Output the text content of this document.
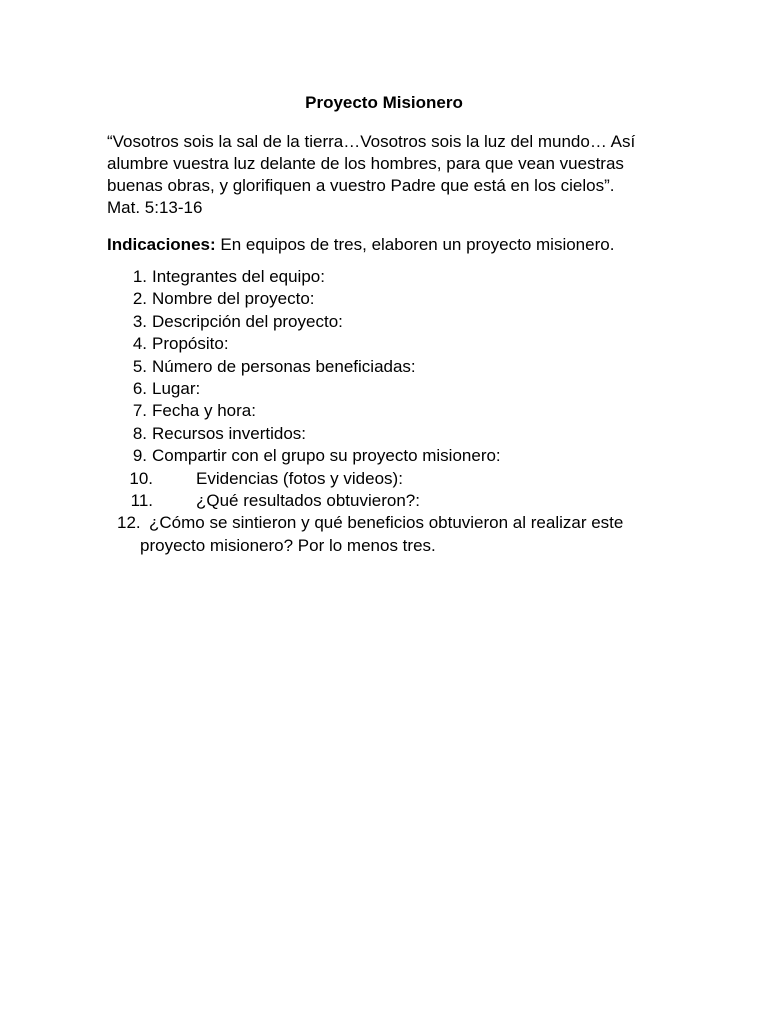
Proyecto Misionero
“Vosotros sois la sal de la tierra…Vosotros sois la luz del mundo… Así
alumbre vuestra luz delante de los hombres, para que vean vuestras
buenas obras, y glorifiquen a vuestro Padre que está en los cielos”.
Mat. 5:13-16
Indicaciones: En equipos de tres, elaboren un proyecto misionero.
1. Integrantes del equipo:
2. Nombre del proyecto:
3. Descripción del proyecto:
4. Propósito:
5. Número de personas beneficiadas:
6. Lugar:
7. Fecha y hora:
8. Recursos invertidos:
9. Compartir con el grupo su proyecto misionero:
10.	Evidencias (fotos y videos):
11.	¿Qué resultados obtuvieron?:
12. ¿Cómo se sintieron y qué beneficios obtuvieron al realizar este
proyecto misionero? Por lo menos tres.
